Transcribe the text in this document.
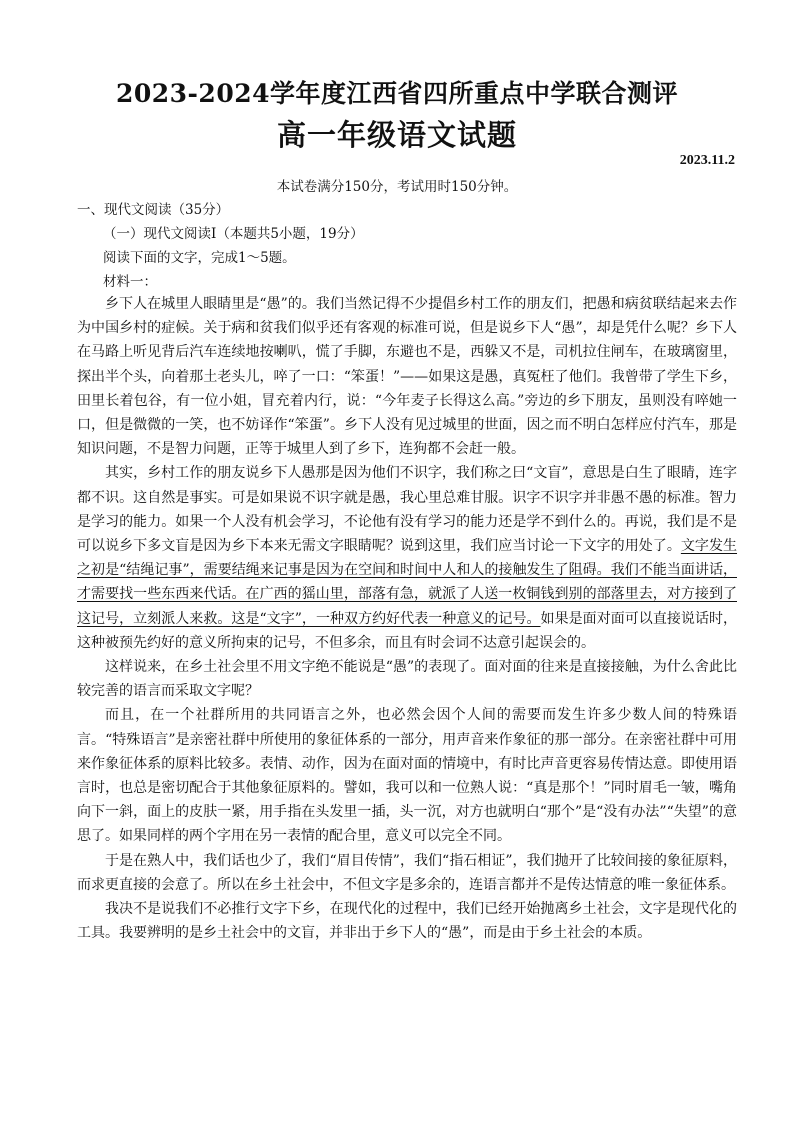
2023-2024学年度江西省四所重点中学联合测评
高一年级语文试题
2023.11.2
本试卷满分150分，考试用时150分钟。
一、现代文阅读（35分）
（一）现代文阅读Ⅰ（本题共5小题，19分）
阅读下面的文字，完成1～5题。
材料一：

乡下人在城里人眼睛里是“愚”的。我们当然记得不少提倡乡村工作的朋友们，把愚和病贫联结起来去作为中国乡村的症候。关于病和贫我们似乎还有客观的标准可说，但是说乡下人“愚”，却是凭什么呢？乡下人在马路上听见背后汽车连续地按喇叭，慌了手脚，东避也不是，西躲又不是，司机拉住闸车，在玻璃窗里，探出半个头，向着那土老头儿，啐了一口：“笨蛋！”——如果这是愚，真冤枉了他们。我曾带了学生下乡，田里长着包谷，有一位小姐，冒充着内行，说：“今年麦子长得这么高。”旁边的乡下朋友，虽则没有啐她一口，但是微微的一笑，也不妨译作“笨蛋”。乡下人没有见过城里的世面，因之而不明白怎样应付汽车，那是知识问题，不是智力问题，正等于城里人到了乡下，连狗都不会赶一般。

其实，乡村工作的朋友说乡下人愚那是因为他们不识字，我们称之曰“文盲”，意思是白生了眼睛，连字都不识。这自然是事实。可是如果说不识字就是愚，我心里总难甘服。识字不识字并非愚不愚的标准。智力是学习的能力。如果一个人没有机会学习，不论他有没有学习的能力还是学不到什么的。再说，我们是不是可以说乡下多文盲是因为乡下本来无需文字眼睛呢？说到这里，我们应当讨论一下文字的用处了。文字发生之初是“结绳记事”，需要结绳来记事是因为在空间和时间中人和人的接触发生了阻碍。我们不能当面讲话，才需要找一些东西来代话。在广西的猺山里，部落有急，就派了人送一枚铜钱到别的部落里去，对方接到了这记号，立刻派人来救。这是“文字”，一种双方约好代表一种意义的记号。如果是面对面可以直接说话时，这种被预先约好的意义所拘束的记号，不但多余，而且有时会词不达意引起误会的。

这样说来，在乡土社会里不用文字绝不能说是“愚”的表现了。面对面的往来是直接接触，为什么舍此比较完善的语言而采取文字呢？

而且，在一个社群所用的共同语言之外，也必然会因个人间的需要而发生许多少数人间的特殊语言。“特殊语言”是亲密社群中所使用的象征体系的一部分，用声音来作象征的那一部分。在亲密社群中可用来作象征体系的原料比较多。表情、动作，因为在面对面的情境中，有时比声音更容易传情达意。即使用语言时，也总是密切配合于其他象征原料的。譬如，我可以和一位熟人说：“真是那个！”同时眉毛一皱，嘴角向下一斜，面上的皮肤一紧，用手指在头发里一插，头一沉，对方也就明白“那个”是“没有办法”“失望”的意思了。如果同样的两个字用在另一表情的配合里，意义可以完全不同。

于是在熟人中，我们话也少了，我们“眉目传情”，我们“指石相证”，我们抛开了比较间接的象征原料，而求更直接的会意了。所以在乡土社会中，不但文字是多余的，连语言都并不是传达情意的唯一象征体系。

我决不是说我们不必推行文字下乡，在现代化的过程中，我们已经开始抛离乡土社会，文字是现代化的工具。我要辨明的是乡土社会中的文盲，并非出于乡下人的“愚”，而是由于乡土社会的本质。
